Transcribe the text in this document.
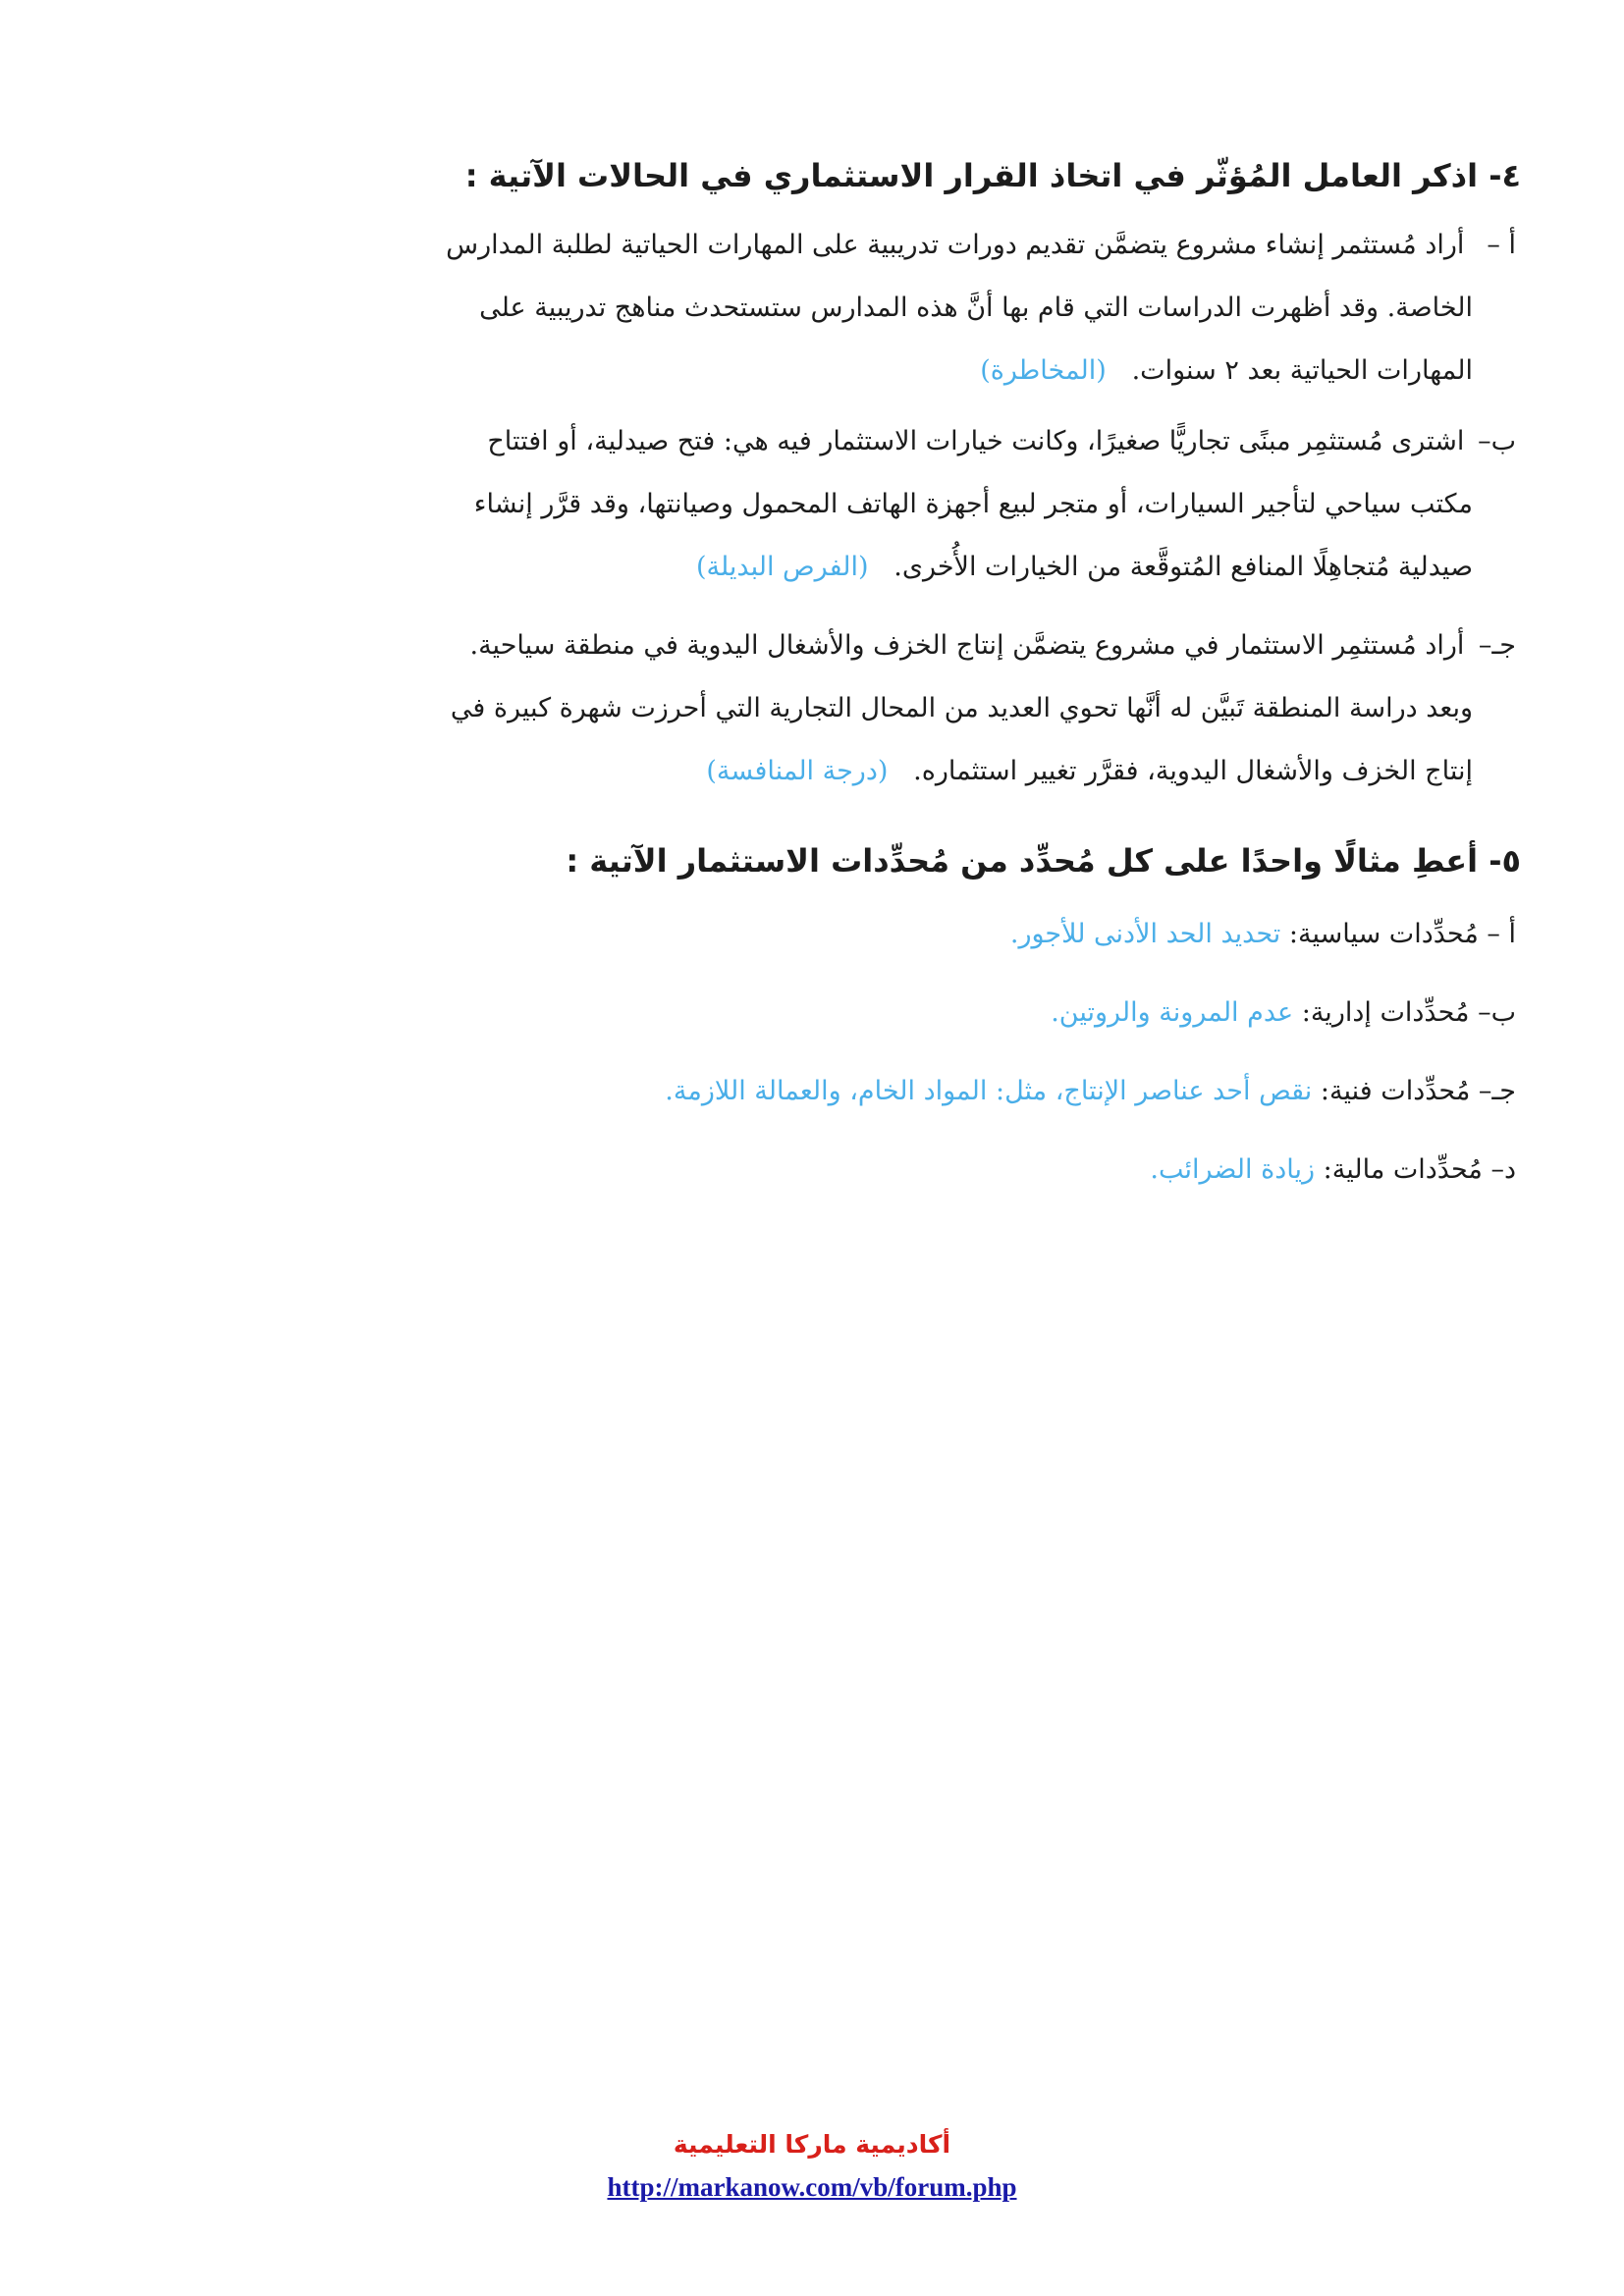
٤- اذكر العامل المُؤثّر في اتخاذ القرار الاستثماري في الحالات الآتية :
أ – أراد مُستثمر إنشاء مشروع يتضمَّن تقديم دورات تدريبية على المهارات الحياتية لطلبة المدارس
الخاصة. وقد أظهرت الدراسات التي قام بها أنَّ هذه المدارس ستستحدث مناهج تدريبية على
المهارات الحياتية بعد ٢ سنوات.   (المخاطرة)
ب– اشترى مُستثمِر مبنًى تجاريًّا صغيرًا، وكانت خيارات الاستثمار فيه هي: فتح صيدلية، أو افتتاح
مكتب سياحي لتأجير السيارات، أو متجر لبيع أجهزة الهاتف المحمول وصيانتها، وقد قرَّر إنشاء
صيدلية مُتجاهِلًا المنافع المُتوقَّعة من الخيارات الأُخرى.   (الفرص البديلة)
جـ– أراد مُستثمِر الاستثمار في مشروع يتضمَّن إنتاج الخزف والأشغال اليدوية في منطقة سياحية.
وبعد دراسة المنطقة تَبيَّن له أنَّها تحوي العديد من المحال التجارية التي أحرزت شهرة كبيرة في
إنتاج الخزف والأشغال اليدوية، فقرَّر تغيير استثماره.   (درجة المنافسة)
٥- أعطِ مثالًا واحدًا على كل مُحدِّد من مُحدِّدات الاستثمار الآتية :
أ – مُحدِّدات سياسية: تحديد الحد الأدنى للأجور.
ب– مُحدِّدات إدارية: عدم المرونة والروتين.
جـ– مُحدِّدات فنية: نقص أحد عناصر الإنتاج، مثل: المواد الخام، والعمالة اللازمة.
د– مُحدِّدات مالية: زيادة الضرائب.
أكاديمية ماركا التعليمية
http://markanow.com/vb/forum.php
